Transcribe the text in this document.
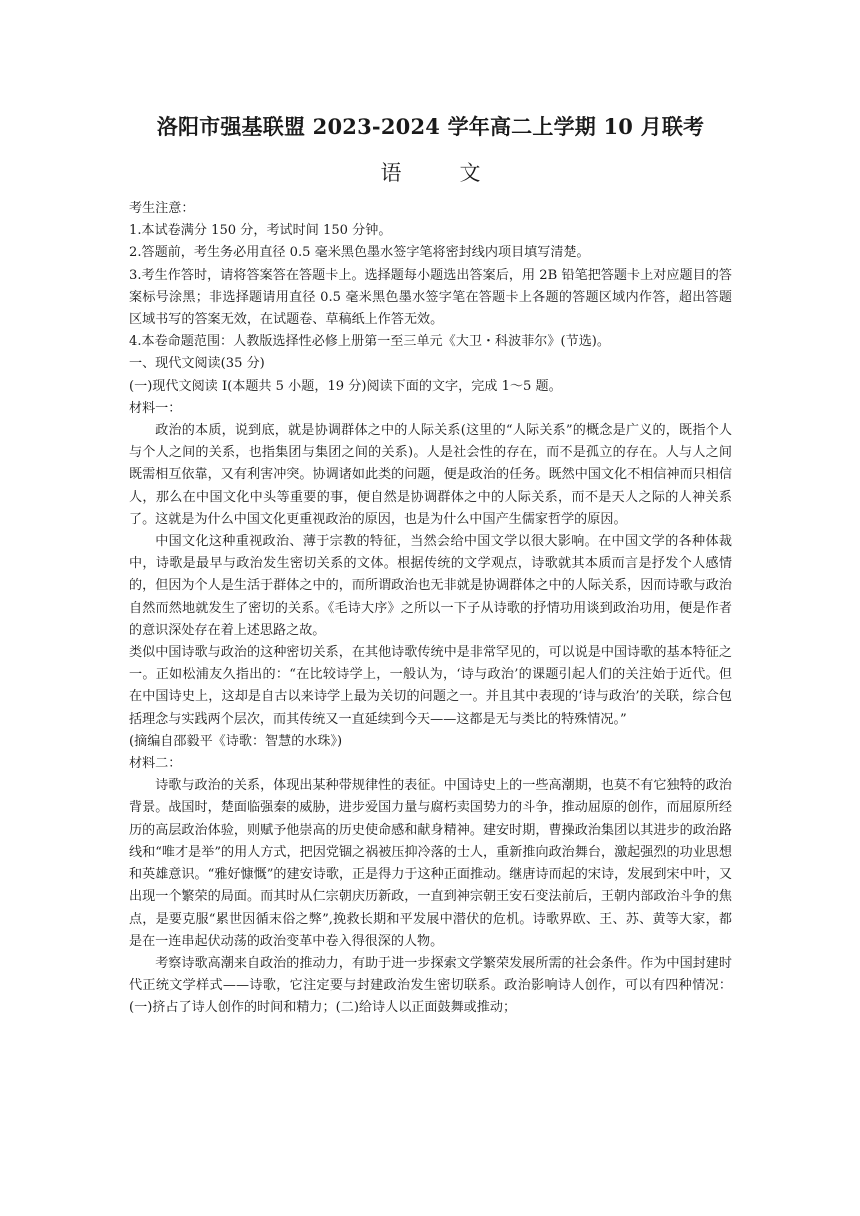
洛阳市强基联盟 2023-2024 学年高二上学期 10 月联考
语文

考生注意：

1.本试卷满分 150 分，考试时间 150 分钟。

2.答题前，考生务必用直径 0.5 毫米黑色墨水签字笔将密封线内项目填写清楚。

3.考生作答时，请将答案答在答题卡上。选择题每小题选出答案后，用 2B 铅笔把答题卡上对应题目的答案标号涂黑；非选择题请用直径 0.5 毫米黑色墨水签字笔在答题卡上各题的答题区域内作答，超出答题区域书写的答案无效，在试题卷、草稿纸上作答无效。

4.本卷命题范围：人教版选择性必修上册第一至三单元《大卫・科波菲尔》(节选)。

一、现代文阅读(35 分)

(一)现代文阅读 I(本题共 5 小题，19 分)阅读下面的文字，完成 1～5 题。

材料一：

政治的本质，说到底，就是协调群体之中的人际关系(这里的“人际关系”的概念是广义的，既指个人与个人之间的关系，也指集团与集团之间的关系)。人是社会性的存在，而不是孤立的存在。人与人之间既需相互依靠，又有利害冲突。协调诸如此类的问题，便是政治的任务。既然中国文化不相信神而只相信人，那么在中国文化中头等重要的事，便自然是协调群体之中的人际关系，而不是天人之际的人神关系了。这就是为什么中国文化更重视政治的原因，也是为什么中国产生儒家哲学的原因。

中国文化这种重视政治、薄于宗教的特征，当然会给中国文学以很大影响。在中国文学的各种体裁中，诗歌是最早与政治发生密切关系的文体。根据传统的文学观点，诗歌就其本质而言是抒发个人感情的，但因为个人是生活于群体之中的，而所谓政治也无非就是协调群体之中的人际关系，因而诗歌与政治自然而然地就发生了密切的关系。《毛诗大序》之所以一下子从诗歌的抒情功用谈到政治功用，便是作者的意识深处存在着上述思路之故。

类似中国诗歌与政治的这种密切关系，在其他诗歌传统中是非常罕见的，可以说是中国诗歌的基本特征之一。正如松浦友久指出的：“在比较诗学上，一般认为，‘诗与政治’的课题引起人们的关注始于近代。但在中国诗史上，这却是自古以来诗学上最为关切的问题之一。并且其中表现的‘诗与政治’的关联，综合包括理念与实践两个层次，而其传统又一直延续到今天——这都是无与类比的特殊情况。”

(摘编自邵毅平《诗歌：智慧的水珠》)

材料二：

诗歌与政治的关系，体现出某种带规律性的表征。中国诗史上的一些高潮期，也莫不有它独特的政治背景。战国时，楚面临强秦的威胁，进步爱国力量与腐朽卖国势力的斗争，推动屈原的创作，而屈原所经历的高层政治体验，则赋予他崇高的历史使命感和献身精神。建安时期，曹操政治集团以其进步的政治路线和“唯才是举”的用人方式，把因党锢之祸被压抑冷落的士人，重新推向政治舞台，激起强烈的功业思想和英雄意识。“雅好慷慨”的建安诗歌，正是得力于这种正面推动。继唐诗而起的宋诗，发展到宋中叶，又出现一个繁荣的局面。而其时从仁宗朝庆历新政，一直到神宗朝王安石变法前后，王朝内部政治斗争的焦点，是要克服“累世因循末俗之弊”,挽救长期和平发展中潜伏的危机。诗歌界欧、王、苏、黄等大家，都是在一连串起伏动荡的政治变革中卷入得很深的人物。

考察诗歌高潮来自政治的推动力，有助于进一步探索文学繁荣发展所需的社会条件。作为中国封建时代正统文学样式——诗歌，它注定要与封建政治发生密切联系。政治影响诗人创作，可以有四种情况：(一)挤占了诗人创作的时间和精力；(二)给诗人以正面鼓舞或推动；
